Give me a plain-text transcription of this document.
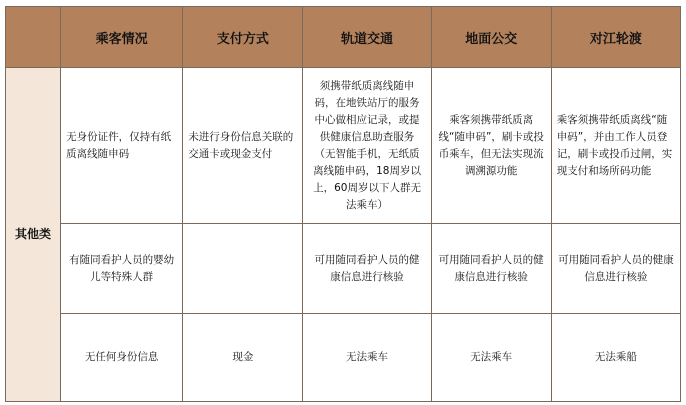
	乘客情况	支付方式	轨道交通	地面公交	对江轮渡
其他类	无身份证件，仅持有纸质离线随申码	未进行身份信息关联的交通卡或现金支付	须携带纸质离线随申码，在地铁站厅的服务中心做相应记录，或提供健康信息助查服务（无智能手机，无纸质离线随申码，18周岁以上，60周岁以下人群无法乘车）	乘客须携带纸质离线“随申码”，刷卡或投币乘车，但无法实现流调溯源功能	乘客须携带纸质离线“随申码”，并由工作人员登记，刷卡或投币过闸，实现支付和场所码功能
	有随同看护人员的婴幼儿等特殊人群		可用随同看护人员的健康信息进行核验	可用随同看护人员的健康信息进行核验	可用随同看护人员的健康信息进行核验
	无任何身份信息	现金	无法乘车	无法乘车	无法乘船
